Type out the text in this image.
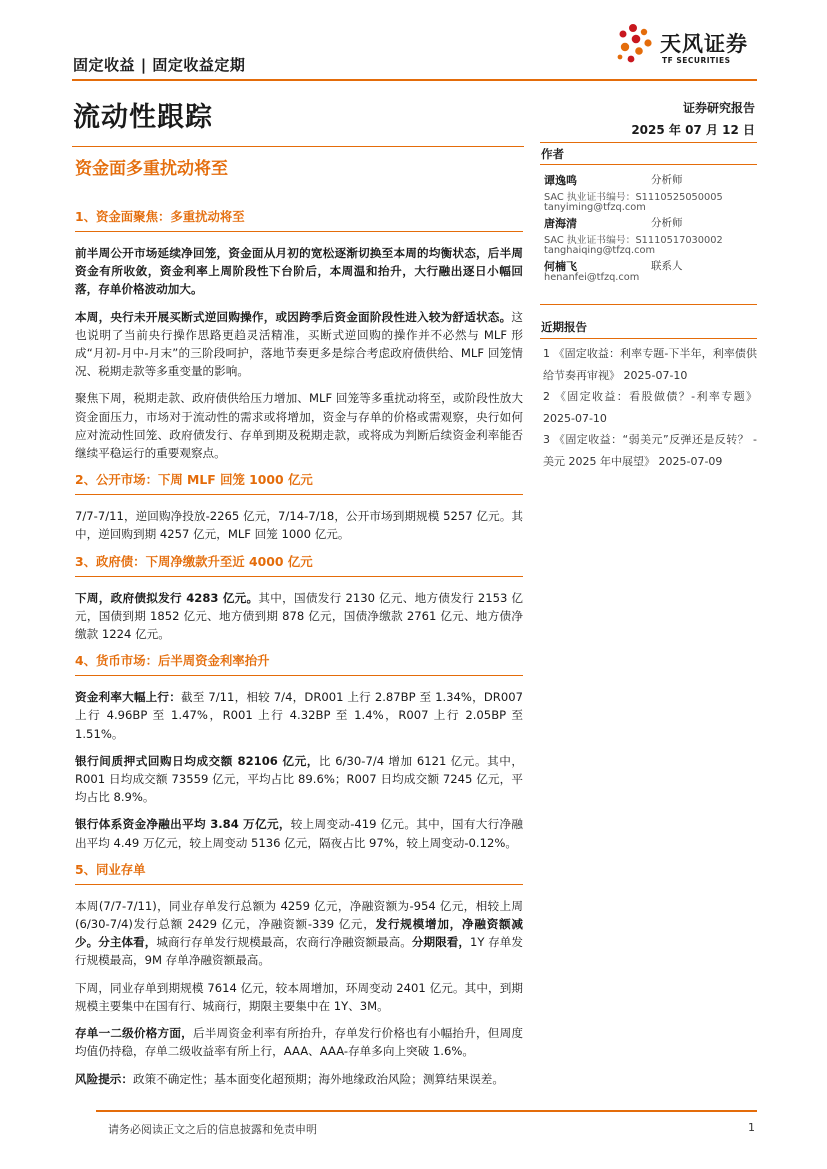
固定收益 | 固定收益定期
天风证券
TF SECURITIES
流动性跟踪	证券研究报告
2025 年 07 月 12 日
资金面多重扰动将至
1、资金面聚焦：多重扰动将至

前半周公开市场延续净回笼，资金面从月初的宽松逐渐切换至本周的均衡状态，后半周资金有所收敛，资金利率上周阶段性下台阶后，本周温和抬升，大行融出逐日小幅回落，存单价格波动加大。

本周，央行未开展买断式逆回购操作，或因跨季后资金面阶段性进入较为舒适状态。这也说明了当前央行操作思路更趋灵活精准，买断式逆回购的操作并不必然与 MLF 形成“月初-月中-月末”的三阶段呵护，落地节奏更多是综合考虑政府债供给、MLF 回笼情况、税期走款等多重变量的影响。

聚焦下周，税期走款、政府债供给压力增加、MLF 回笼等多重扰动将至，或阶段性放大资金面压力，市场对于流动性的需求或将增加，资金与存单的价格或需观察，央行如何应对流动性回笼、政府债发行、存单到期及税期走款，或将成为判断后续资金利率能否继续平稳运行的重要观察点。

2、公开市场：下周 MLF 回笼 1000 亿元

7/7-7/11，逆回购净投放-2265 亿元，7/14-7/18，公开市场到期规模 5257 亿元。其中，逆回购到期 4257 亿元，MLF 回笼 1000 亿元。

3、政府债：下周净缴款升至近 4000 亿元

下周，政府债拟发行 4283 亿元。其中，国债发行 2130 亿元、地方债发行 2153 亿元，国债到期 1852 亿元、地方债到期 878 亿元，国债净缴款 2761 亿元、地方债净缴款 1224 亿元。

4、货币市场：后半周资金利率抬升

资金利率大幅上行：截至 7/11，相较 7/4，DR001 上行 2.87BP 至 1.34%，DR007 上行 4.96BP 至 1.47%，R001 上行 4.32BP 至 1.4%，R007 上行 2.05BP 至 1.51%。

银行间质押式回购日均成交额 82106 亿元，比 6/30-7/4 增加 6121 亿元。其中，R001 日均成交额 73559 亿元，平均占比 89.6%；R007 日均成交额 7245 亿元，平均占比 8.9%。

银行体系资金净融出平均 3.84 万亿元，较上周变动-419 亿元。其中，国有大行净融出平均 4.49 万亿元，较上周变动 5136 亿元，隔夜占比 97%，较上周变动-0.12%。

5、同业存单

本周(7/7-7/11)，同业存单发行总额为 4259 亿元，净融资额为-954 亿元，相较上周(6/30-7/4)发行总额 2429 亿元，净融资额-339 亿元，发行规模增加，净融资额减少。分主体看，城商行存单发行规模最高，农商行净融资额最高。分期限看，1Y 存单发行规模最高，9M 存单净融资额最高。

下周，同业存单到期规模 7614 亿元，较本周增加，环周变动 2401 亿元。其中，到期规模主要集中在国有行、城商行，期限主要集中在 1Y、3M。

存单一二级价格方面，后半周资金利率有所抬升，存单发行价格也有小幅抬升，但周度均值仍持稳，存单二级收益率有所上行，AAA、AAA-存单多向上突破 1.6%。

风险提示：政策不确定性；基本面变化超预期；海外地缘政治风险；测算结果误差。

作者
谭逸鸣	分析师
SAC 执业证书编号：S1110525050005
tanyiming@tfzq.com
唐海清	分析师
SAC 执业证书编号：S1110517030002
tanghaiqing@tfzq.com
何楠飞	联系人
henanfei@tfzq.com
近期报告
1 《固定收益：利率专题-下半年，利率债供给节奏再审视》 2025-07-10
2 《固定收益：看股做债？-利率专题》 2025-07-10
3 《固定收益：“弱美元”反弹还是反转？ -美元 2025 年中展望》 2025-07-09
请务必阅读正文之后的信息披露和免责申明	1
